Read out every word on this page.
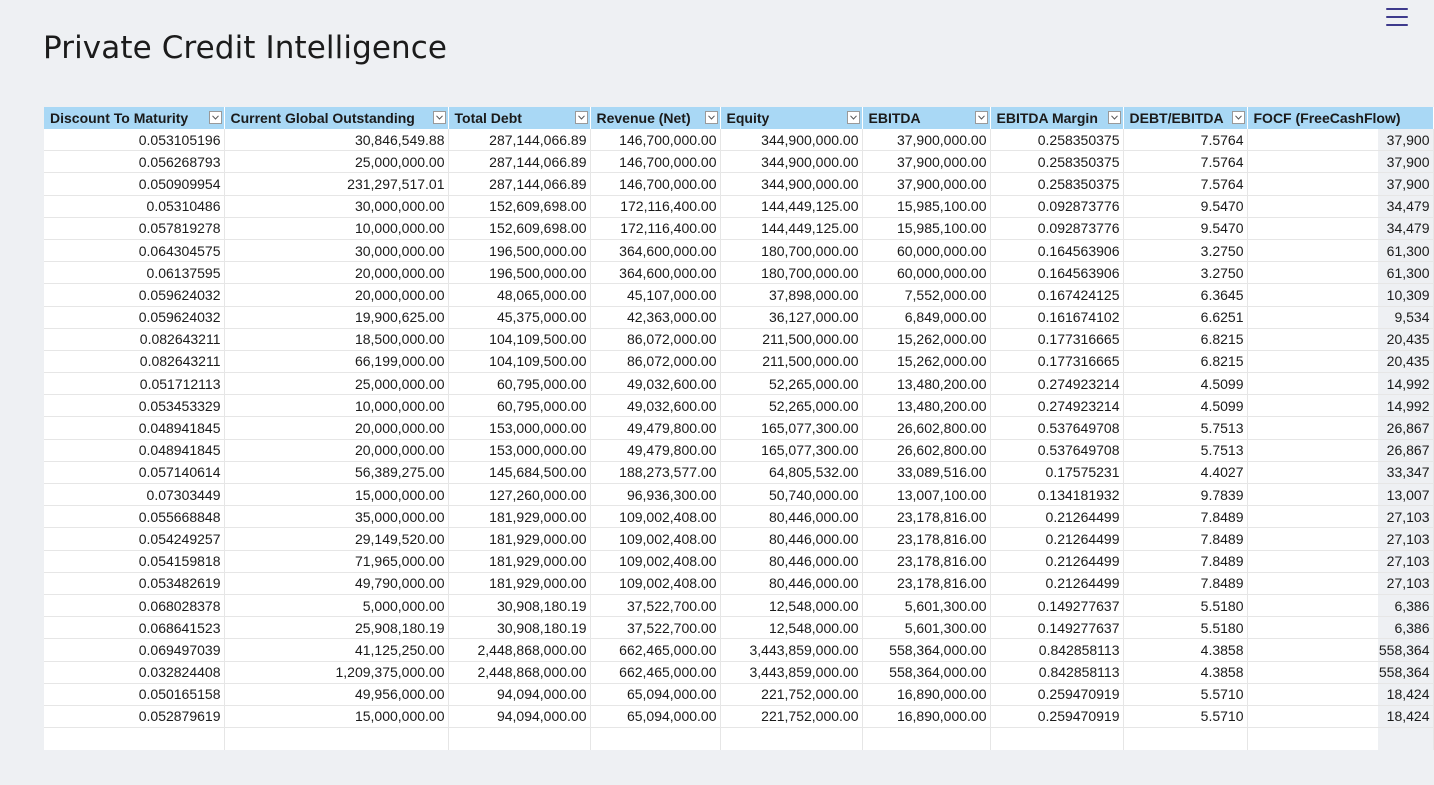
Private Credit Intelligence
Discount To Maturity	Current Global Outstanding	Total Debt	Revenue (Net)	Equity	EBITDA	EBITDA Margin	DEBT/EBITDA	FOCF (FreeCashFlow)
0.053105196	30,846,549.88	287,144,066.89	146,700,000.00	344,900,000.00	37,900,000.00	0.258350375	7.5764	37,900
0.056268793	25,000,000.00	287,144,066.89	146,700,000.00	344,900,000.00	37,900,000.00	0.258350375	7.5764	37,900
0.050909954	231,297,517.01	287,144,066.89	146,700,000.00	344,900,000.00	37,900,000.00	0.258350375	7.5764	37,900
0.05310486	30,000,000.00	152,609,698.00	172,116,400.00	144,449,125.00	15,985,100.00	0.092873776	9.5470	34,479
0.057819278	10,000,000.00	152,609,698.00	172,116,400.00	144,449,125.00	15,985,100.00	0.092873776	9.5470	34,479
0.064304575	30,000,000.00	196,500,000.00	364,600,000.00	180,700,000.00	60,000,000.00	0.164563906	3.2750	61,300
0.06137595	20,000,000.00	196,500,000.00	364,600,000.00	180,700,000.00	60,000,000.00	0.164563906	3.2750	61,300
0.059624032	20,000,000.00	48,065,000.00	45,107,000.00	37,898,000.00	7,552,000.00	0.167424125	6.3645	10,309
0.059624032	19,900,625.00	45,375,000.00	42,363,000.00	36,127,000.00	6,849,000.00	0.161674102	6.6251	9,534
0.082643211	18,500,000.00	104,109,500.00	86,072,000.00	211,500,000.00	15,262,000.00	0.177316665	6.8215	20,435
0.082643211	66,199,000.00	104,109,500.00	86,072,000.00	211,500,000.00	15,262,000.00	0.177316665	6.8215	20,435
0.051712113	25,000,000.00	60,795,000.00	49,032,600.00	52,265,000.00	13,480,200.00	0.274923214	4.5099	14,992
0.053453329	10,000,000.00	60,795,000.00	49,032,600.00	52,265,000.00	13,480,200.00	0.274923214	4.5099	14,992
0.048941845	20,000,000.00	153,000,000.00	49,479,800.00	165,077,300.00	26,602,800.00	0.537649708	5.7513	26,867
0.048941845	20,000,000.00	153,000,000.00	49,479,800.00	165,077,300.00	26,602,800.00	0.537649708	5.7513	26,867
0.057140614	56,389,275.00	145,684,500.00	188,273,577.00	64,805,532.00	33,089,516.00	0.17575231	4.4027	33,347
0.07303449	15,000,000.00	127,260,000.00	96,936,300.00	50,740,000.00	13,007,100.00	0.134181932	9.7839	13,007
0.055668848	35,000,000.00	181,929,000.00	109,002,408.00	80,446,000.00	23,178,816.00	0.21264499	7.8489	27,103
0.054249257	29,149,520.00	181,929,000.00	109,002,408.00	80,446,000.00	23,178,816.00	0.21264499	7.8489	27,103
0.054159818	71,965,000.00	181,929,000.00	109,002,408.00	80,446,000.00	23,178,816.00	0.21264499	7.8489	27,103
0.053482619	49,790,000.00	181,929,000.00	109,002,408.00	80,446,000.00	23,178,816.00	0.21264499	7.8489	27,103
0.068028378	5,000,000.00	30,908,180.19	37,522,700.00	12,548,000.00	5,601,300.00	0.149277637	5.5180	6,386
0.068641523	25,908,180.19	30,908,180.19	37,522,700.00	12,548,000.00	5,601,300.00	0.149277637	5.5180	6,386
0.069497039	41,125,250.00	2,448,868,000.00	662,465,000.00	3,443,859,000.00	558,364,000.00	0.842858113	4.3858	558,364
0.032824408	1,209,375,000.00	2,448,868,000.00	662,465,000.00	3,443,859,000.00	558,364,000.00	0.842858113	4.3858	558,364
0.050165158	49,956,000.00	94,094,000.00	65,094,000.00	221,752,000.00	16,890,000.00	0.259470919	5.5710	18,424
0.052879619	15,000,000.00	94,094,000.00	65,094,000.00	221,752,000.00	16,890,000.00	0.259470919	5.5710	18,424
